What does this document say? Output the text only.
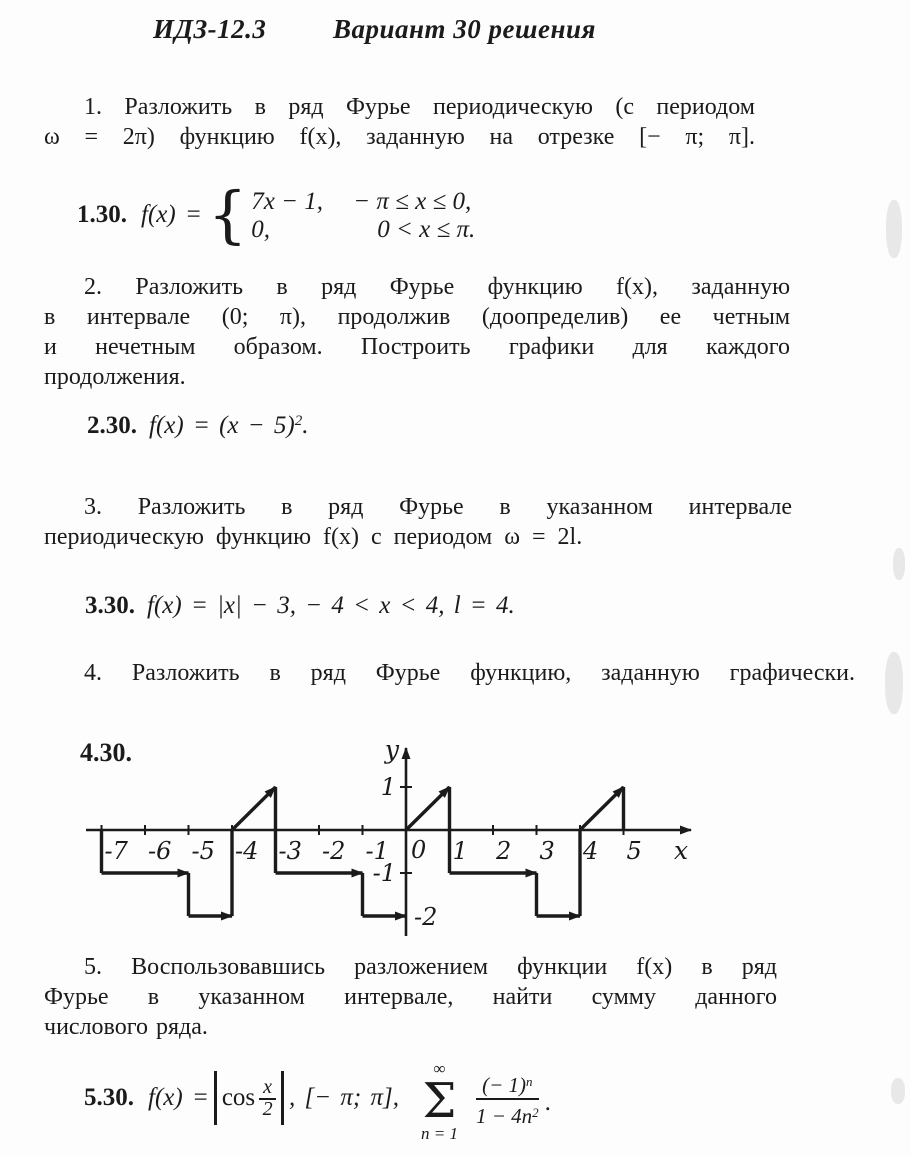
ИДЗ-12.3 Вариант 30 решения
1. Разложить в ряд Фурье периодическую (с периодом
ω = 2π) функцию f(x), заданную на отрезке [− π; π].
1.30. f(x) = { 7x − 1,	− π ≤ x ≤ 0,
0,	0 < x ≤ π.
2. Разложить в ряд Фурье функцию f(x), заданную
в интервале (0; π), продолжив (доопределив) ее четным
и нечетным образом. Построить графики для каждого
продолжения.
2.30. $f(x) = (x - 5)^2$.
3. Разложить в ряд Фурье в указанном интервале
периодическую функцию f(x) с периодом ω = 2l.
3.30. f(x) = |x| − 3, − 4 < x < 4, l = 4.
4. Разложить в ряд Фурье функцию, заданную графически.
4.30.
x
y
0
-7 -6 -5 -4 -3 -2 -1	1 2 3 4 5
1
-1
-2
5. Воспользовавшись разложением функции f(x) в ряд
Фурье в указанном интервале, найти сумму данного
числового ряда.
5.30. $f(x) = \cos \frac{x}{2}$ , [− π; π],
∞
Σ
n = 1
$\frac{(- 1)^n}{1 - 4n^2}$ .
